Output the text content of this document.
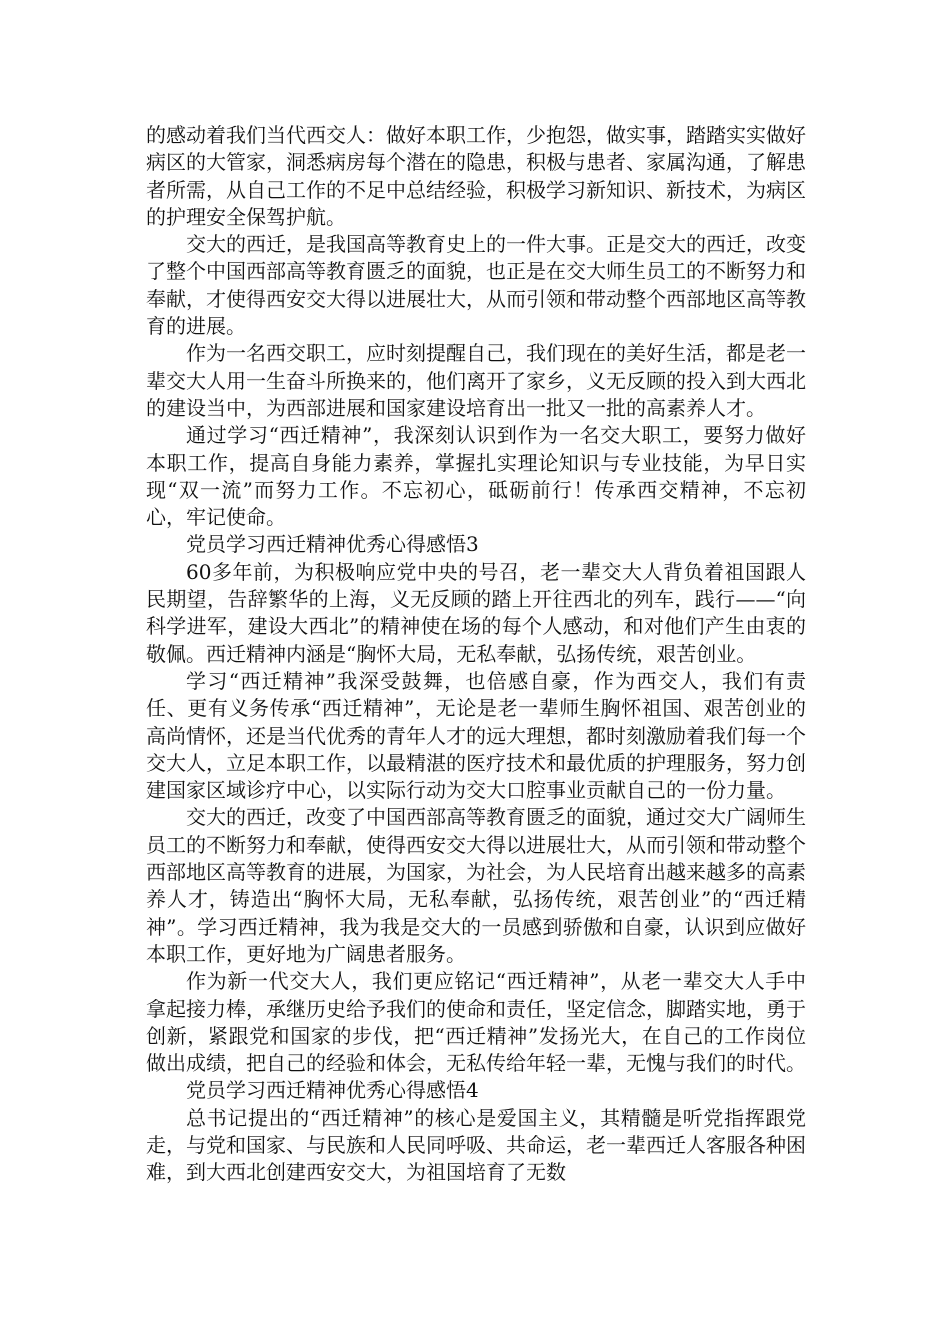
的感动着我们当代西交人：做好本职工作，少抱怨，做实事，踏踏实实做好病区的大管家，洞悉病房每个潜在的隐患，积极与患者、家属沟通，了解患者所需，从自己工作的不足中总结经验，积极学习新知识、新技术，为病区的护理安全保驾护航。

交大的西迁，是我国高等教育史上的一件大事。正是交大的西迁，改变了整个中国西部高等教育匮乏的面貌，也正是在交大师生员工的不断努力和奉献，才使得西安交大得以进展壮大，从而引领和带动整个西部地区高等教育的进展。

作为一名西交职工，应时刻提醒自己，我们现在的美好生活，都是老一辈交大人用一生奋斗所换来的，他们离开了家乡，义无反顾的投入到大西北的建设当中，为西部进展和国家建设培育出一批又一批的高素养人才。

通过学习“西迁精神”，我深刻认识到作为一名交大职工，要努力做好本职工作，提高自身能力素养，掌握扎实理论知识与专业技能，为早日实现“双一流”而努力工作。不忘初心，砥砺前行！传承西交精神，不忘初心，牢记使命。

党员学习西迁精神优秀心得感悟3

60多年前，为积极响应党中央的号召，老一辈交大人背负着祖国跟人民期望，告辞繁华的上海，义无反顾的踏上开往西北的列车，践行——“向科学进军，建设大西北”的精神使在场的每个人感动，和对他们产生由衷的敬佩。西迁精神内涵是“胸怀大局，无私奉献，弘扬传统，艰苦创业。

学习“西迁精神”我深受鼓舞，也倍感自豪，作为西交人，我们有责任、更有义务传承“西迁精神”，无论是老一辈师生胸怀祖国、艰苦创业的高尚情怀，还是当代优秀的青年人才的远大理想，都时刻激励着我们每一个交大人，立足本职工作，以最精湛的医疗技术和最优质的护理服务，努力创建国家区域诊疗中心，以实际行动为交大口腔事业贡献自己的一份力量。

交大的西迁，改变了中国西部高等教育匮乏的面貌，通过交大广阔师生员工的不断努力和奉献，使得西安交大得以进展壮大，从而引领和带动整个西部地区高等教育的进展，为国家，为社会，为人民培育出越来越多的高素养人才，铸造出“胸怀大局，无私奉献，弘扬传统，艰苦创业”的“西迁精神”。学习西迁精神，我为我是交大的一员感到骄傲和自豪，认识到应做好本职工作，更好地为广阔患者服务。

作为新一代交大人，我们更应铭记“西迁精神”，从老一辈交大人手中拿起接力棒，承继历史给予我们的使命和责任，坚定信念，脚踏实地，勇于创新，紧跟党和国家的步伐，把“西迁精神”发扬光大，在自己的工作岗位做出成绩，把自己的经验和体会，无私传给年轻一辈，无愧与我们的时代。

党员学习西迁精神优秀心得感悟4

总书记提出的“西迁精神”的核心是爱国主义，其精髓是听党指挥跟党走，与党和国家、与民族和人民同呼吸、共命运，老一辈西迁人客服各种困难，到大西北创建西安交大，为祖国培育了无数
